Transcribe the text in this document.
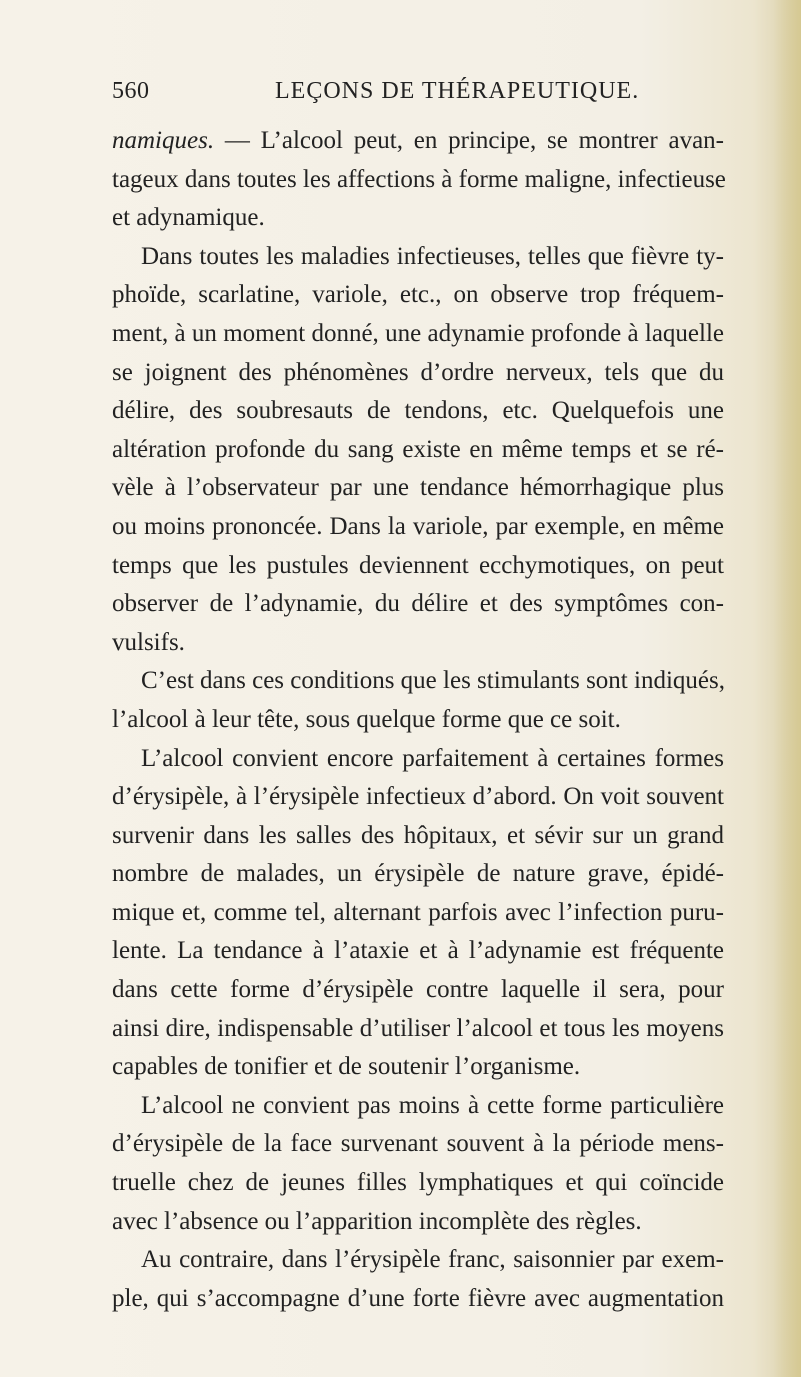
560	LEÇONS DE THÉRAPEUTIQUE.
namiques. — L’alcool peut, en principe, se montrer avan-
tageux dans toutes les affections à forme maligne, infectieuse
et adynamique.
Dans toutes les maladies infectieuses, telles que fièvre ty-
phoïde, scarlatine, variole, etc., on observe trop fréquem-
ment, à un moment donné, une adynamie profonde à laquelle
se joignent des phénomènes d’ordre nerveux, tels que du
délire, des soubresauts de tendons, etc. Quelquefois une
altération profonde du sang existe en même temps et se ré-
vèle à l’observateur par une tendance hémorrhagique plus
ou moins prononcée. Dans la variole, par exemple, en même
temps que les pustules deviennent ecchymotiques, on peut
observer de l’adynamie, du délire et des symptômes con-
vulsifs.
C’est dans ces conditions que les stimulants sont indiqués,
l’alcool à leur tête, sous quelque forme que ce soit.
L’alcool convient encore parfaitement à certaines formes
d’érysipèle, à l’érysipèle infectieux d’abord. On voit souvent
survenir dans les salles des hôpitaux, et sévir sur un grand
nombre de malades, un érysipèle de nature grave, épidé-
mique et, comme tel, alternant parfois avec l’infection puru-
lente. La tendance à l’ataxie et à l’adynamie est fréquente
dans cette forme d’érysipèle contre laquelle il sera, pour
ainsi dire, indispensable d’utiliser l’alcool et tous les moyens
capables de tonifier et de soutenir l’organisme.
L’alcool ne convient pas moins à cette forme particulière
d’érysipèle de la face survenant souvent à la période mens-
truelle chez de jeunes filles lymphatiques et qui coïncide
avec l’absence ou l’apparition incomplète des règles.
Au contraire, dans l’érysipèle franc, saisonnier par exem-
ple, qui s’accompagne d’une forte fièvre avec augmentation
